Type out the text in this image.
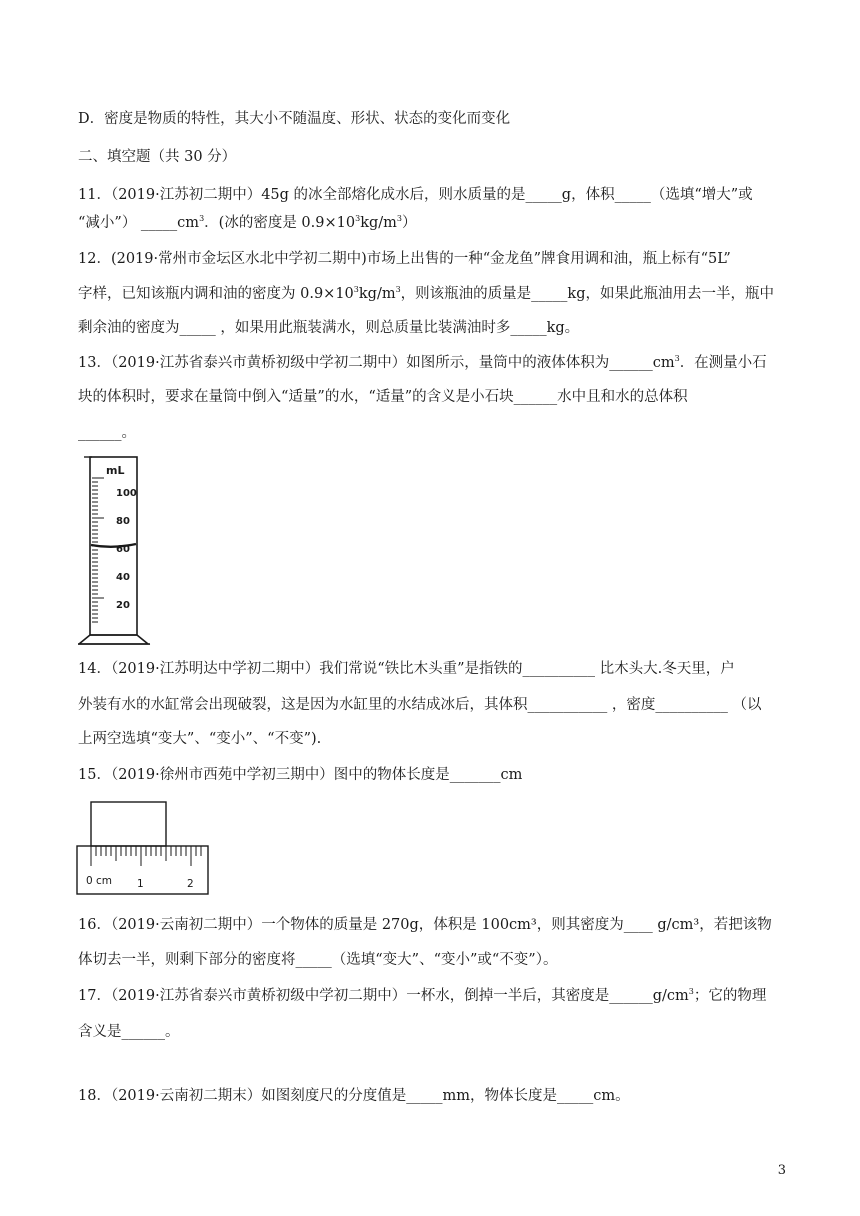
D．密度是物质的特性，其大小不随温度、形状、状态的变化而变化
二、填空题（共 30 分）
11．（2019·江苏初二期中）45g 的冰全部熔化成水后，则水质量的是_____g，体积_____（选填“增大”或
“减小”） $\_\_\_\_\_cm^3$．(冰的密度是 $0.9\times 10^3kg/m^3$）
12．(2019·常州市金坛区水北中学初二期中)市场上出售的一种“金龙鱼”牌食用调和油，瓶上标有“5L”
字样，已知该瓶内调和油的密度为 $0.9\times 10^3kg/m^3$，则该瓶油的质量是_____kg，如果此瓶油用去一半，瓶中
剩余油的密度为_____ ，如果用此瓶装满水，则总质量比装满油时多_____kg。
13．（2019·江苏省泰兴市黄桥初级中学初二期中）如图所示，量筒中的液体体积为$\_\_\_\_\_\_cm^3$．在测量小石
块的体积时，要求在量筒中倒入“适量”的水，“适量”的含义是小石块______水中且和水的总体积
______。
mL
100
80
60
40
20
14．（2019·江苏明达中学初二期中）我们常说“铁比木头重”是指铁的__________ 比木头大.冬天里，户
外装有水的水缸常会出现破裂，这是因为水缸里的水结成冰后，其体积___________ ，密度__________ （以
上两空选填“变大”、“变小”、“不变”).
15．（2019·徐州市西苑中学初三期中）图中的物体长度是_______cm
0 cm 1	2
16．（2019·云南初二期中）一个物体的质量是 270g，体积是 100cm³，则其密度为____ g/cm³，若把该物
体切去一半，则剩下部分的密度将_____（选填“变大”、“变小”或“不变”）。
17．（2019·江苏省泰兴市黄桥初级中学初二期中）一杯水，倒掉一半后，其密度是$\_\_\_\_\_\_g/cm^3$；它的物理
含义是______。
18．（2019·云南初二期末）如图刻度尺的分度值是_____mm，物体长度是_____cm。
3
